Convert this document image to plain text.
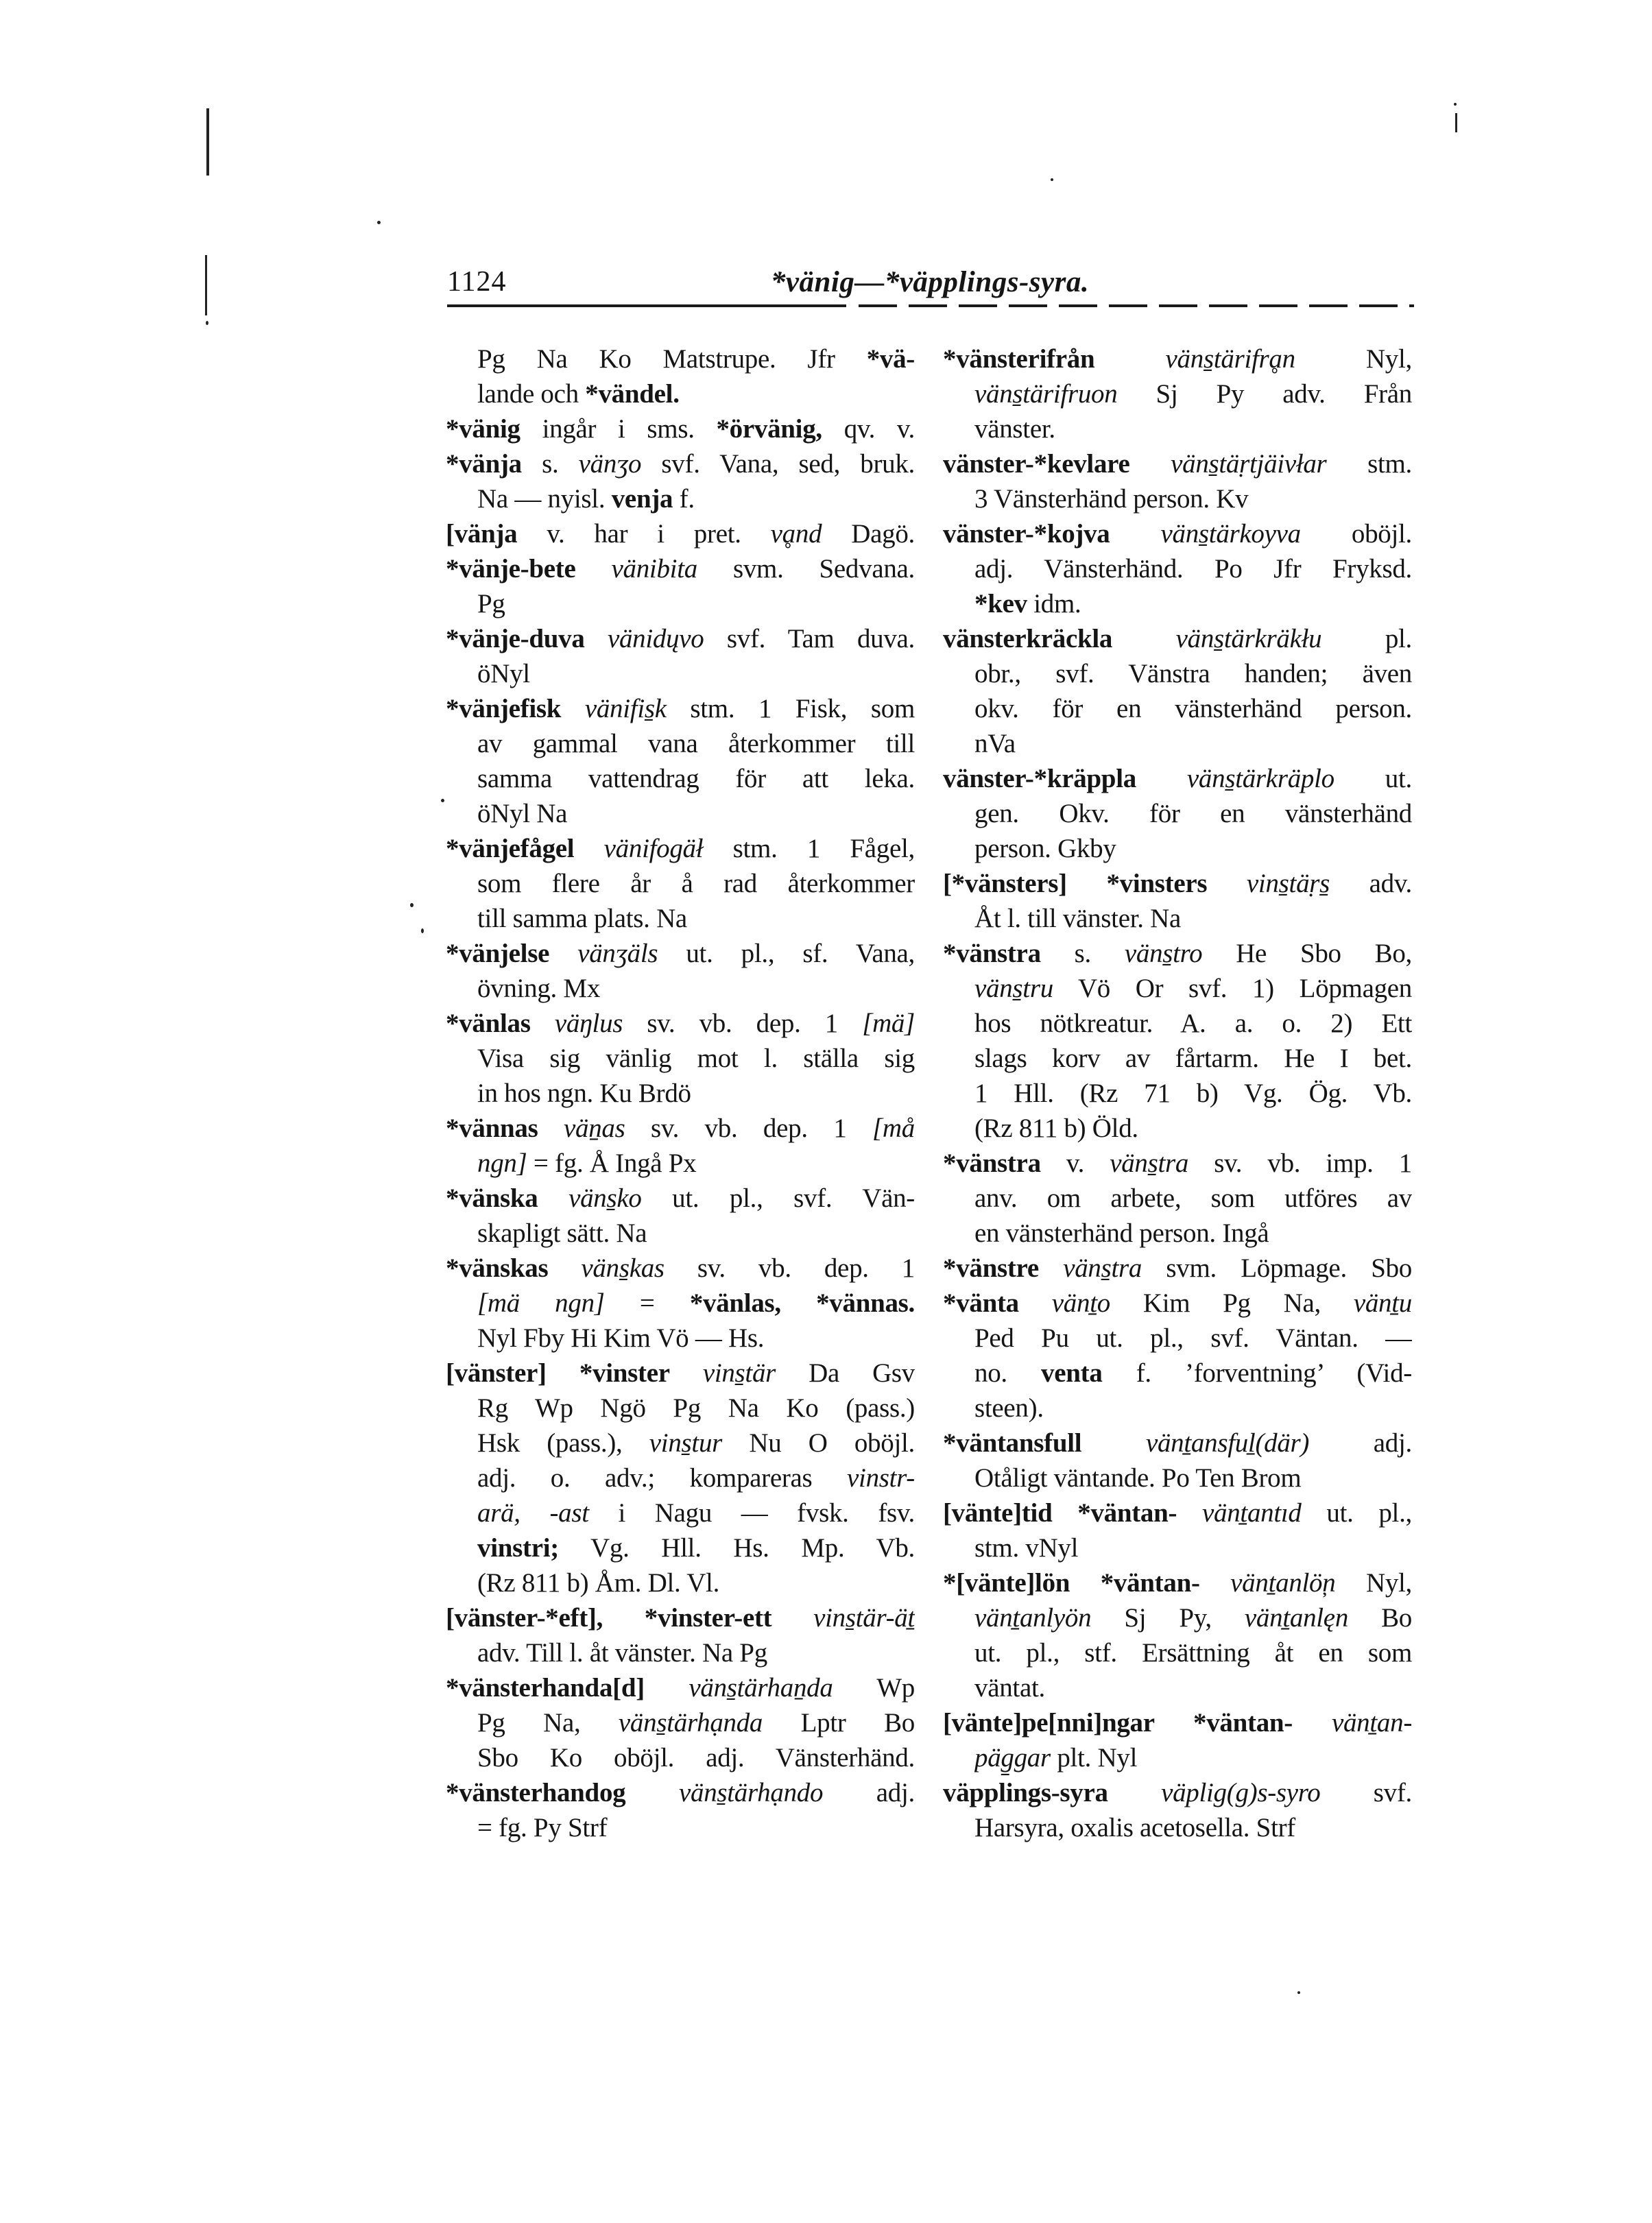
1124	*vänig—*väpplings-syra.
Pg Na Ko Matstrupe. Jfr *vä-
lande och *vändel.
*vänig ingår i sms. *örvänig, qv. v.
*vänja s. vänʒo svf. Vana, sed, bruk.
Na — nyisl. venja f.
[vänja v. har i pret. vḁnd Dagö.
*vänje-bete vänibita svm. Sedvana.
Pg
*vänje-duva vänidųvo svf. Tam duva.
öNyl
*vänjefisk vänifis̱k stm. 1 Fisk, som
av gammal vana återkommer till
samma vattendrag för att leka.
öNyl Na
*vänjefågel vänifogäł stm. 1 Fågel,
som flere år å rad återkommer
till samma plats. Na
*vänjelse vänʒäls ut. pl., sf. Vana,
övning. Mx
*vänlas väŋlus sv. vb. dep. 1 [mä]
Visa sig vänlig mot l. ställa sig
in hos ngn. Ku Brdö
*vännas väṉas sv. vb. dep. 1 [må
ngn] = fg. Å Ingå Px
*vänska väns̱ko ut. pl., svf. Vän-
skapligt sätt. Na
*vänskas väns̱kas sv. vb. dep. 1
[mä ngn] = *vänlas, *vännas.
Nyl Fby Hi Kim Vö — Hs.
[vänster] *vinster vins̱tär Da Gsv
Rg Wp Ngö Pg Na Ko (pass.)
Hsk (pass.), vins̱tur Nu O oböjl.
adj. o. adv.; kompareras vinstr-
arä, -ast i Nagu — fvsk. fsv.
vinstri; Vg. Hll. Hs. Mp. Vb.
(Rz 811 b) Åm. Dl. Vl.
[vänster-*eft], *vinster-ett vins̱tär-äṯ
adv. Till l. åt vänster. Na Pg
*vänsterhanda[d] väns̱tärhaṉda Wp
Pg Na, väns̱tärhạnda Lptr Bo
Sbo Ko oböjl. adj. Vänsterhänd.
*vänsterhandog väns̱tärhạndo adj.
= fg. Py Strf
*vänsterifrån	väns̱tärifrḁn Nyl,
väns̱tärifruon Sj Py adv. Från
vänster.
vänster-*kevlare väns̱täṛtjäivłar stm.
3 Vänsterhänd person. Kv
vänster-*kojva väns̱tärkoyva oböjl.
adj. Vänsterhänd. Po Jfr Fryksd.
*kev idm.
vänsterkräckla väns̱tärkräkłu pl.
obr., svf. Vänstra handen; även
okv. för en vänsterhänd person.
nVa
vänster-*kräppla väns̱tärkräplo ut.
gen. Okv. för en vänsterhänd
person. Gkby
[*vänsters] *vinsters vins̱täṛs̱ adv.
Åt l. till vänster. Na
*vänstra s. väns̱tro He Sbo Bo,
väns̱tru Vö Or svf. 1) Löpmagen
hos nötkreatur. A. a. o. 2) Ett
slags korv av fårtarm. He I bet.
1 Hll. (Rz 71 b) Vg. Ög. Vb.
(Rz 811 b) Öld.
*vänstra v. väns̱tra sv. vb. imp. 1
anv. om arbete, som utföres av
en vänsterhänd person. Ingå
*vänstre väns̱tra svm. Löpmage. Sbo
*vänta vänṯo Kim Pg Na, vänṯu
Ped Pu ut. pl., svf. Väntan. —
no. venta f. ’forventning’ (Vid-
steen).
*väntansfull vänṯansfuḻ(där) adj.
Otåligt väntande. Po Ten Brom
[vänte]tid *väntan- vänṯantıd ut. pl.,
stm. vNyl
*[vänte]lön *väntan- vänṯanlö̦n Nyl,
vänṯanlyön Sj Py, vänṯanlęn Bo
ut. pl., stf. Ersättning åt en som
väntat.
[vänte]pe[nni]ngar *väntan- vänṯan-
päg̱gar plt. Nyl
väpplings-syra väplig(g)s-syro svf.
Harsyra, oxalis acetosella. Strf
